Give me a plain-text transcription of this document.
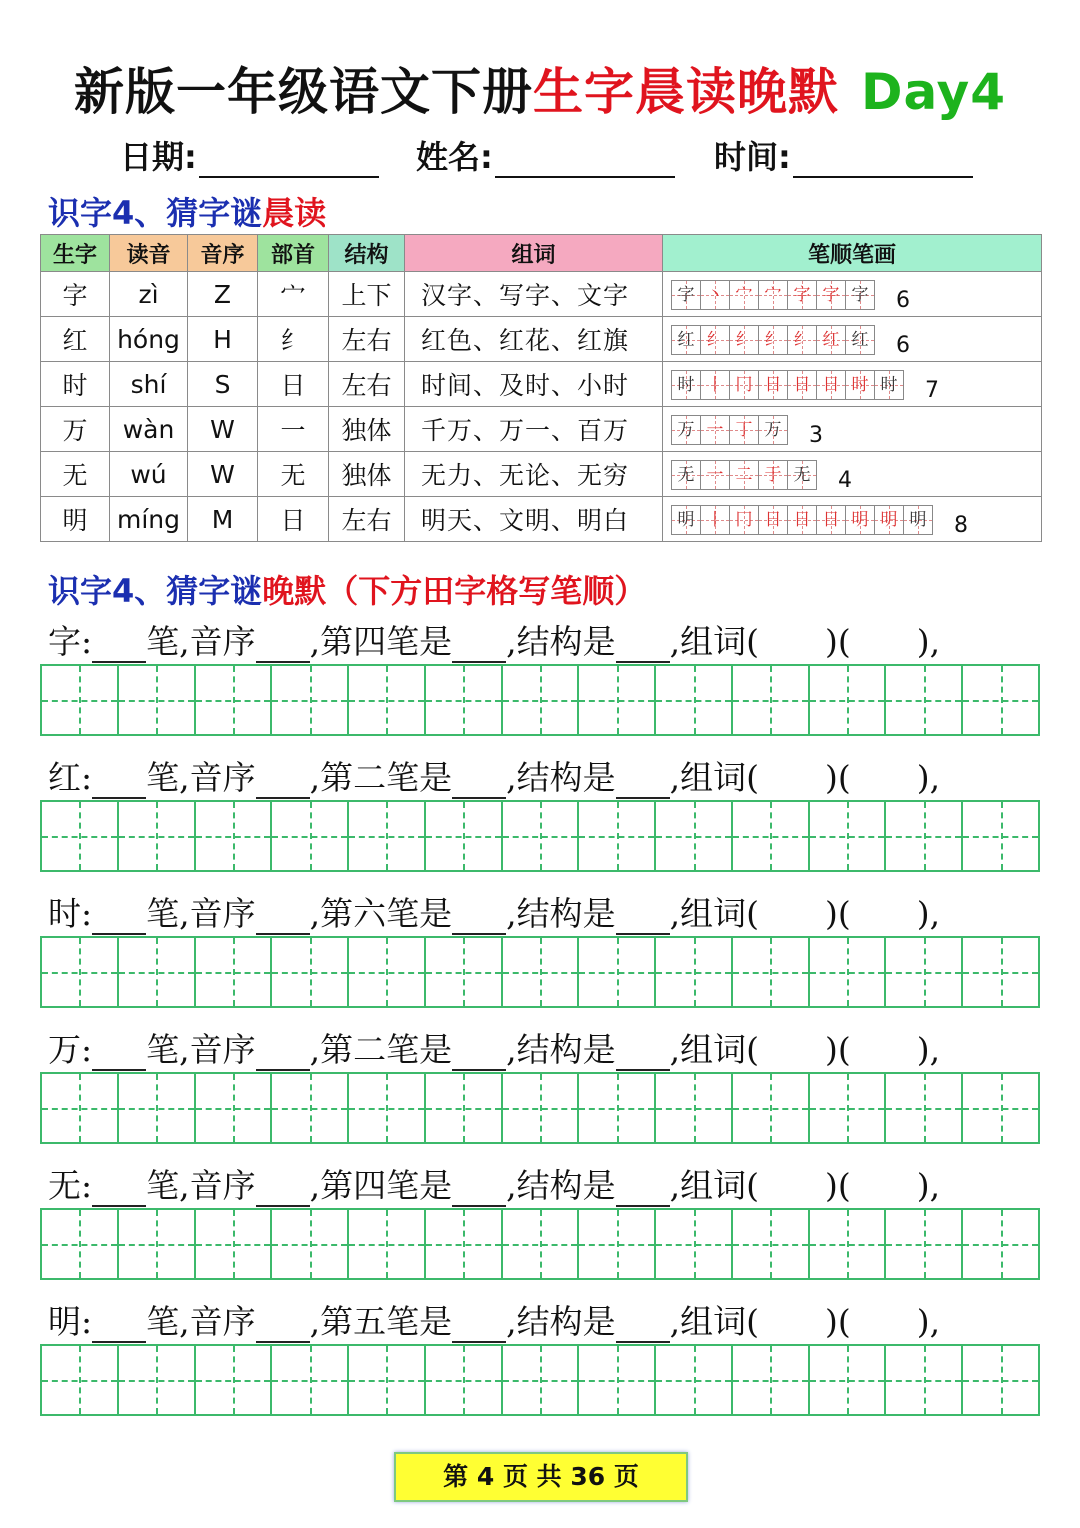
新版一年级语文下册生字晨读晚默 Day4
日期:	姓名:	时间:
识字4、猜字谜晨读
生字	读音	音序	部首	结构	组词	笔顺笔画
字	zì	Z	宀	上下	汉字、写字、文字	字 丶 宀 宀 字 字 字 6
红	hóng	H	纟	左右	红色、红花、红旗	红 纟 纟 纟 纟 红 红 6
时	shí	S	日	左右	时间、及时、小时	时 丨 冂 日 日 日 时 时 7
万	wàn	W	一	独体	千万、万一、百万	万 一 丁 万 3
无	wú	W	无	独体	无力、无论、无穷	无 一 二 于 无 4
明	míng	M	日	左右	明天、文明、明白	明 丨 冂 日 日 日 明 明 明 8
识字4、猜字谜晚默（下方田字格写笔顺）
字: 笔,音序 ,第四笔是 ,结构是 ,组词(　　 )(　　 ),
红: 笔,音序 ,第二笔是 ,结构是 ,组词(　　 )(　　 ),
时: 笔,音序 ,第六笔是 ,结构是 ,组词(　　 )(　　 ),
万: 笔,音序 ,第二笔是 ,结构是 ,组词(　　 )(　　 ),
无: 笔,音序 ,第四笔是 ,结构是 ,组词(　　 )(　　 ),
明: 笔,音序 ,第五笔是 ,结构是 ,组词(　　 )(　　 ),
第 4 页 共 36 页
